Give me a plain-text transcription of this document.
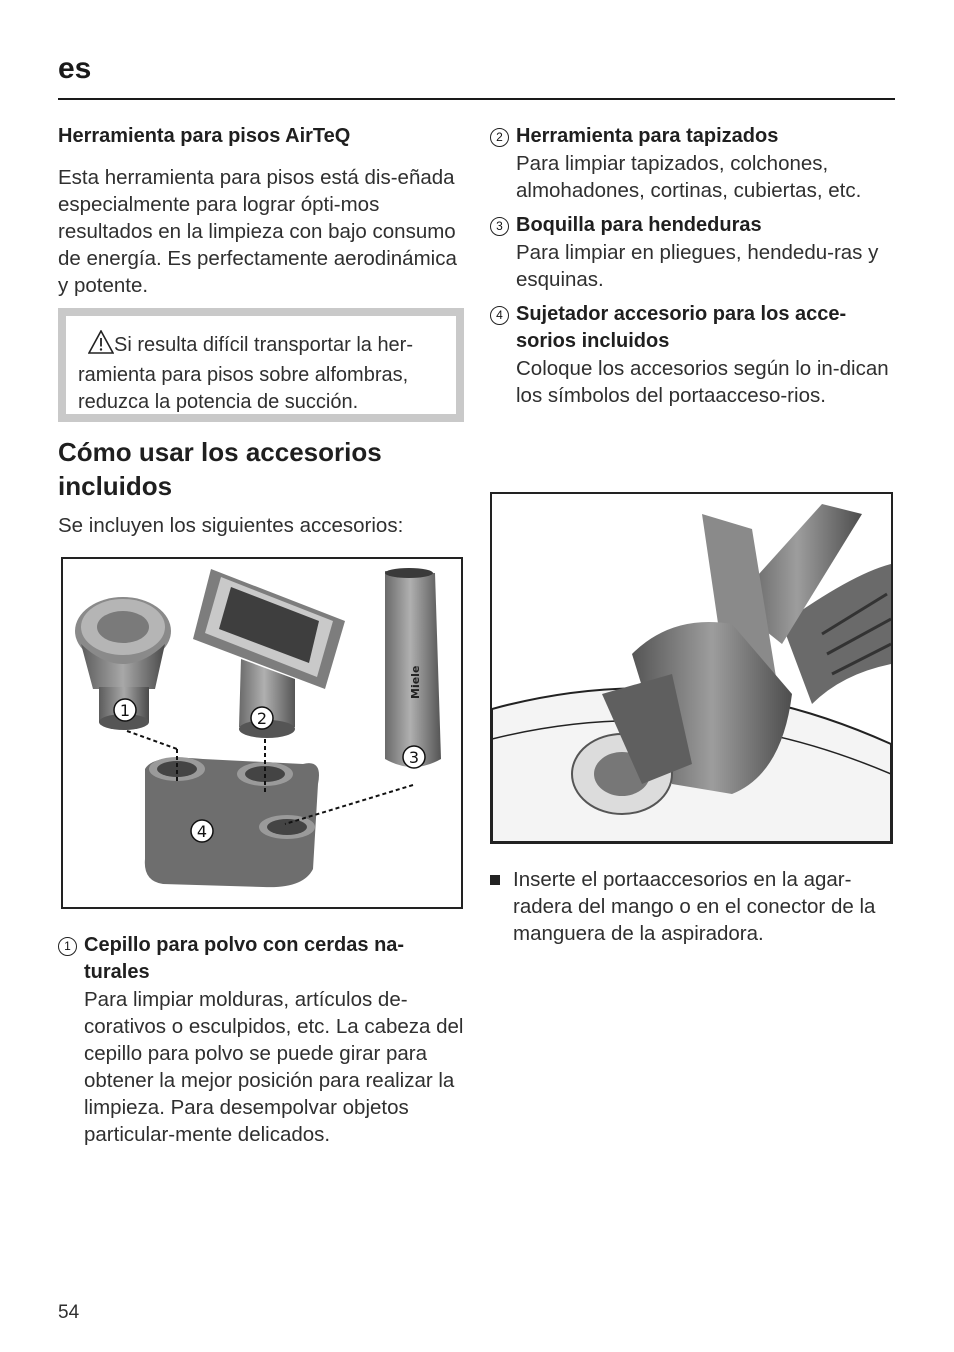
es
Herramienta para pisos AirTeQ
Esta herramienta para pisos está dis-eñada especialmente para lograr ópti-mos resultados en la limpieza con bajo consumo de energía. Es perfectamente aerodinámica y potente.
Si resulta difícil transportar la her-ramienta para pisos sobre alfombras, reduzca la potencia de succión.
Cómo usar los accesorios incluidos
Se incluyen los siguientes accesorios:
Miele
1	2
3
4
1 Cepillo para polvo con cerdas na-turales
Para limpiar molduras, artículos de-corativos o esculpidos, etc. La cabeza del cepillo para polvo se puede girar para obtener la mejor posición para realizar la limpieza. Para desempolvar objetos particular-mente delicados.
2 Herramienta para tapizados
Para limpiar tapizados, colchones, almohadones, cortinas, cubiertas, etc.
3 Boquilla para hendeduras
Para limpiar en pliegues, hendedu-ras y esquinas.
4 Sujetador accesorio para los acce-sorios incluidos
Coloque los accesorios según lo in-dican los símbolos del portaacceso-rios.
Inserte el portaaccesorios en la agar-radera del mango o en el conector de la manguera de la aspiradora.
54
